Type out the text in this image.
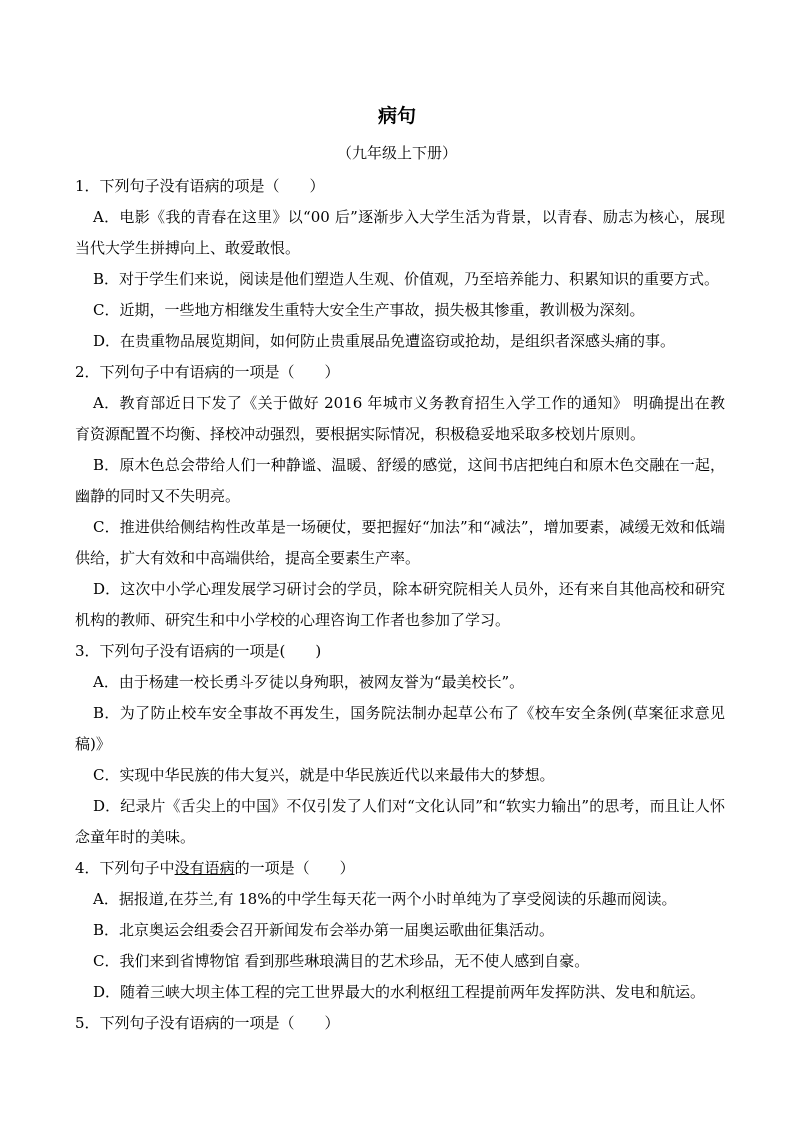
病句
（九年级上下册）

1．下列句子没有语病的项是（　　）

A．电影《我的青春在这里》以“00 后”逐渐步入大学生活为背景，以青春、励志为核心，展现当代大学生拼搏向上、敢爱敢恨。

B．对于学生们来说，阅读是他们塑造人生观、价值观，乃至培养能力、积累知识的重要方式。

C．近期，一些地方相继发生重特大安全生产事故，损失极其惨重，教训极为深刻。

D．在贵重物品展览期间，如何防止贵重展品免遭盗窃或抢劫，是组织者深感头痛的事。

2．下列句子中有语病的一项是（　　）

A．教育部近日下发了《关于做好 2016 年城市义务教育招生入学工作的通知》 明确提出在教育资源配置不均衡、择校冲动强烈，要根据实际情况，积极稳妥地采取多校划片原则。

B．原木色总会带给人们一种静谧、温暖、舒缓的感觉，这间书店把纯白和原木色交融在一起，幽静的同时又不失明亮。

C．推进供给侧结构性改革是一场硬仗，要把握好“加法”和“减法”，增加要素，减缓无效和低端供给，扩大有效和中高端供给，提高全要素生产率。

D．这次中小学心理发展学习研讨会的学员，除本研究院相关人员外，还有来自其他高校和研究机构的教师、研究生和中小学校的心理咨询工作者也参加了学习。

3．下列句子没有语病的一项是(　　)

A．由于杨建一校长勇斗歹徒以身殉职，被网友誉为“最美校长”。

B．为了防止校车安全事故不再发生，国务院法制办起草公布了《校车安全条例(草案征求意见稿)》

C．实现中华民族的伟大复兴，就是中华民族近代以来最伟大的梦想。

D．纪录片《舌尖上的中国》不仅引发了人们对“文化认同”和“软实力输出”的思考，而且让人怀念童年时的美味。

4．下列句子中没有语病的一项是（　　）

A．据报道,在芬兰,有 18%的中学生每天花一两个小时单纯为了享受阅读的乐趣而阅读。

B．北京奥运会组委会召开新闻发布会举办第一届奥运歌曲征集活动。

C．我们来到省博物馆 看到那些琳琅满目的艺术珍品，无不使人感到自豪。

D．随着三峡大坝主体工程的完工世界最大的水利枢纽工程提前两年发挥防洪、发电和航运。

5．下列句子没有语病的一项是（　　）
